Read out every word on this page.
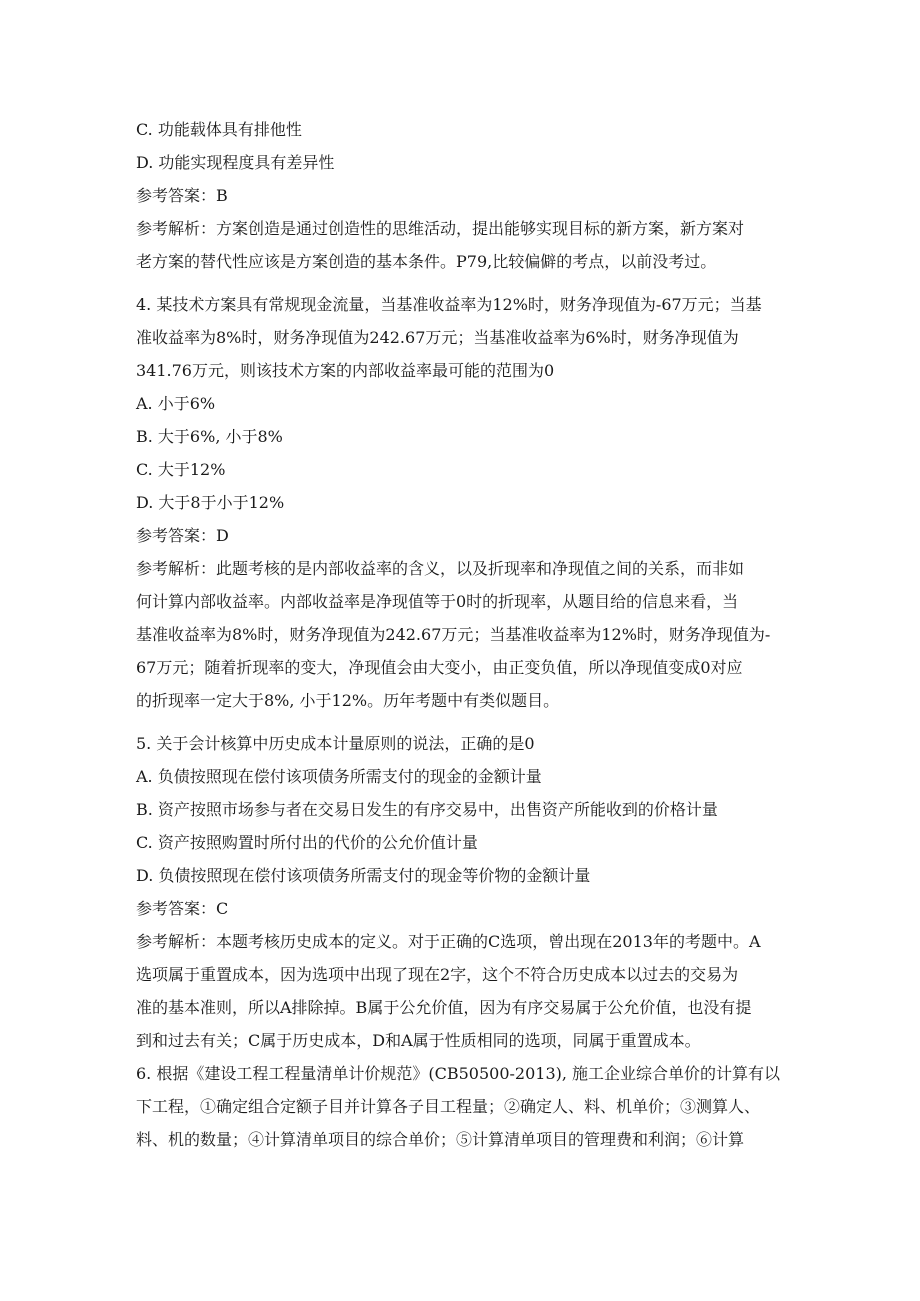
C. 功能载体具有排他性
D. 功能实现程度具有差异性
参考答案：B
参考解析：方案创造是通过创造性的思维活动，提出能够实现目标的新方案，新方案对
老方案的替代性应该是方案创造的基本条件。P79,比较偏僻的考点，以前没考过。
4. 某技术方案具有常规现金流量，当基准收益率为12%时，财务净现值为-67万元；当基
准收益率为8%时，财务净现值为242.67万元；当基准收益率为6%时，财务净现值为
341.76万元，则该技术方案的内部收益率最可能的范围为0
A. 小于6%
B. 大于6%, 小于8%
C. 大于12%
D. 大于8于小于12%
参考答案：D
参考解析：此题考核的是内部收益率的含义，以及折现率和净现值之间的关系，而非如
何计算内部收益率。内部收益率是净现值等于0时的折现率，从题目给的信息来看，当
基准收益率为8%时，财务净现值为242.67万元；当基准收益率为12%时，财务净现值为-
67万元；随着折现率的变大，净现值会由大变小，由正变负值，所以净现值变成0对应
的折现率一定大于8%, 小于12%。历年考题中有类似题目。
5. 关于会计核算中历史成本计量原则的说法，正确的是0
A. 负债按照现在偿付该项债务所需支付的现金的金额计量
B. 资产按照市场参与者在交易日发生的有序交易中，出售资产所能收到的价格计量
C. 资产按照购置时所付出的代价的公允价值计量
D. 负债按照现在偿付该项债务所需支付的现金等价物的金额计量
参考答案：C
参考解析：本题考核历史成本的定义。对于正确的C选项，曾出现在2013年的考题中。A
选项属于重置成本，因为选项中出现了现在2字，这个不符合历史成本以过去的交易为
准的基本准则，所以A排除掉。B属于公允价值，因为有序交易属于公允价值，也没有提
到和过去有关；C属于历史成本，D和A属于性质相同的选项，同属于重置成本。
6. 根据《建设工程工程量清单计价规范》(CB50500-2013), 施工企业综合单价的计算有以
下工程，①确定组合定额子目并计算各子目工程量；②确定人、料、机单价；③测算人、
料、机的数量；④计算清单项目的综合单价；⑤计算清单项目的管理费和利润；⑥计算
